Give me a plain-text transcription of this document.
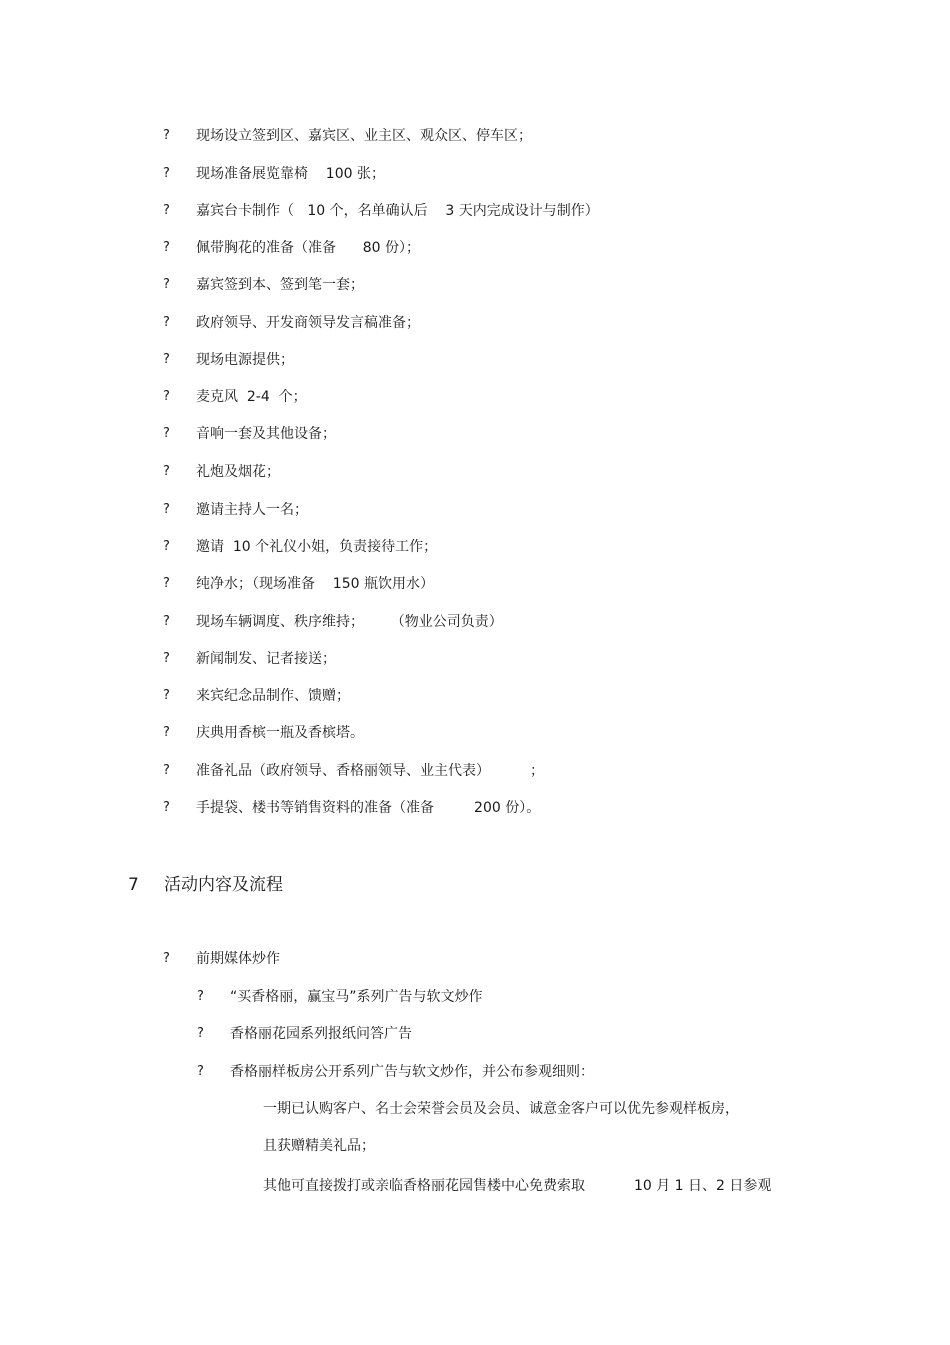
?

现场设立签到区、嘉宾区、业主区、观众区、停车区；

?

现场准备展览靠椅    100 张；

?

嘉宾台卡制作（   10 个，名单确认后    3 天内完成设计与制作）

?

佩带胸花的准备（准备      80 份）；

?

嘉宾签到本、签到笔一套；

?

政府领导、开发商领导发言稿准备；

?

现场电源提供；

?

麦克风  2-4  个；

?

音响一套及其他设备；

?

礼炮及烟花；

?

邀请主持人一名；

?

邀请  10 个礼仪小姐，负责接待工作；

?

纯净水；（现场准备    150 瓶饮用水）

?

现场车辆调度、秩序维持；      （物业公司负责）

?

新闻制发、记者接送；

?

来宾纪念品制作、馈赠；

?

庆典用香槟一瓶及香槟塔。

?

准备礼品（政府领导、香格丽领导、业主代表）         ；

?

手提袋、楼书等销售资料的准备（准备         200 份）。

7

活动内容及流程

?

前期媒体炒作

?

“买香格丽，赢宝马”系列广告与软文炒作

?

香格丽花园系列报纸问答广告

?

香格丽样板房公开系列广告与软文炒作，并公布参观细则：

一期已认购客户、名士会荣誉会员及会员、诚意金客户可以优先参观样板房，
且获赠精美礼品；
其他可直接拨打或亲临香格丽花园售楼中心免费索取           10 月 1 日、2 日参观
